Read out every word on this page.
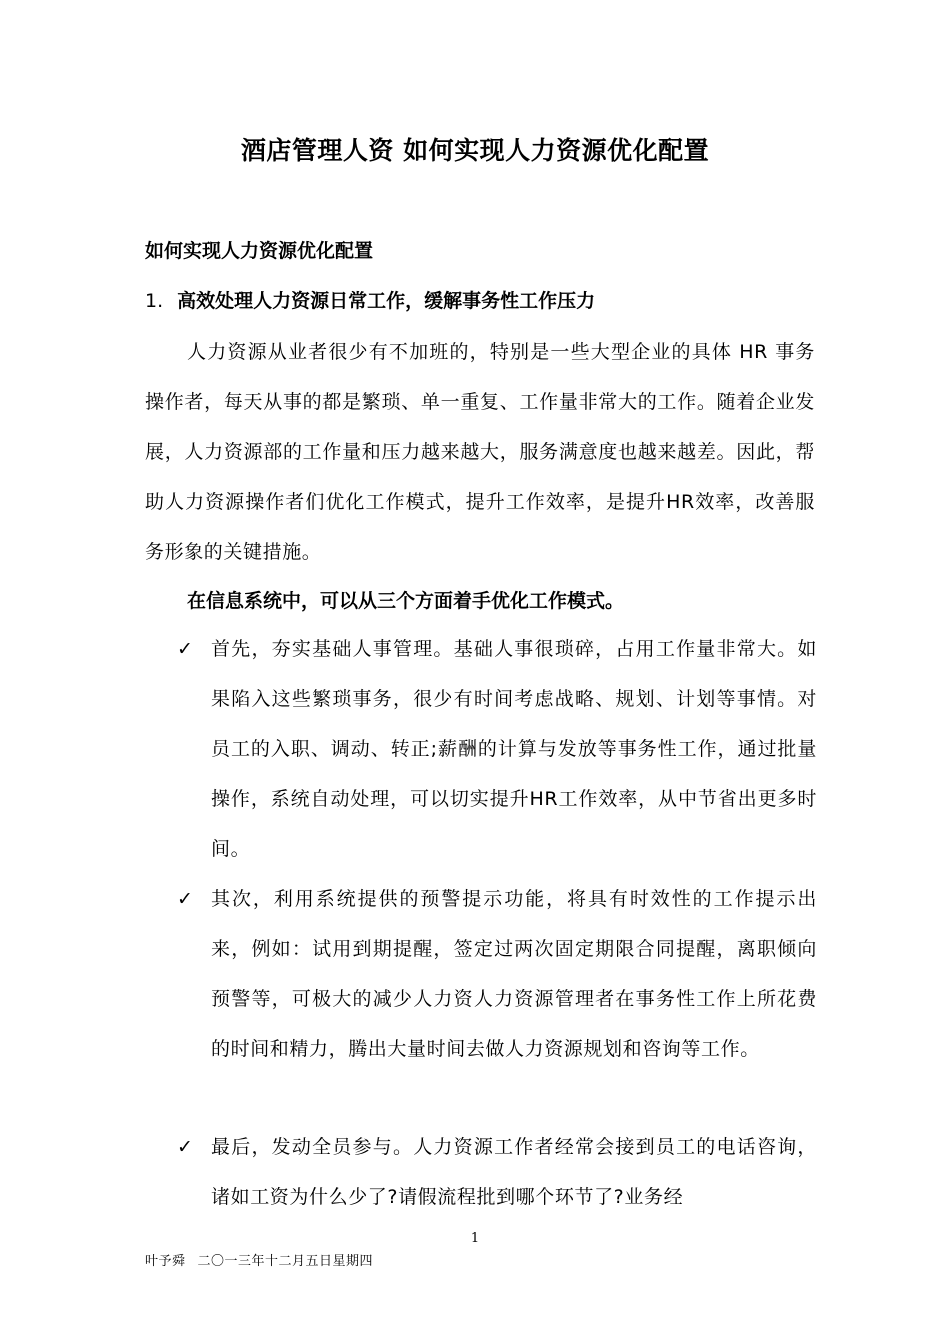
酒店管理人资 如何实现人力资源优化配置
如何实现人力资源优化配置
1. 高效处理人力资源日常工作，缓解事务性工作压力

人力资源从业者很少有不加班的，特别是一些大型企业的具体 HR 事务操作者，每天从事的都是繁琐、单一重复、工作量非常大的工作。随着企业发展，人力资源部的工作量和压力越来越大，服务满意度也越来越差。因此，帮助人力资源操作者们优化工作模式，提升工作效率，是提升HR效率，改善服务形象的关键措施。

在信息系统中，可以从三个方面着手优化工作模式。
✓ 首先，夯实基础人事管理。基础人事很琐碎，占用工作量非常大。如果陷入这些繁琐事务，很少有时间考虑战略、规划、计划等事情。对员工的入职、调动、转正;薪酬的计算与发放等事务性工作，通过批量操作，系统自动处理，可以切实提升HR工作效率，从中节省出更多时间。

✓ 其次，利用系统提供的预警提示功能，将具有时效性的工作提示出来，例如：试用到期提醒，签定过两次固定期限合同提醒，离职倾向预警等，可极大的减少人力资人力资源管理者在事务性工作上所花费的时间和精力，腾出大量时间去做人力资源规划和咨询等工作。

✓ 最后，发动全员参与。人力资源工作者经常会接到员工的电话咨询，诸如工资为什么少了?请假流程批到哪个环节了?业务经

1
叶予舜 二〇一三年十二月五日星期四
